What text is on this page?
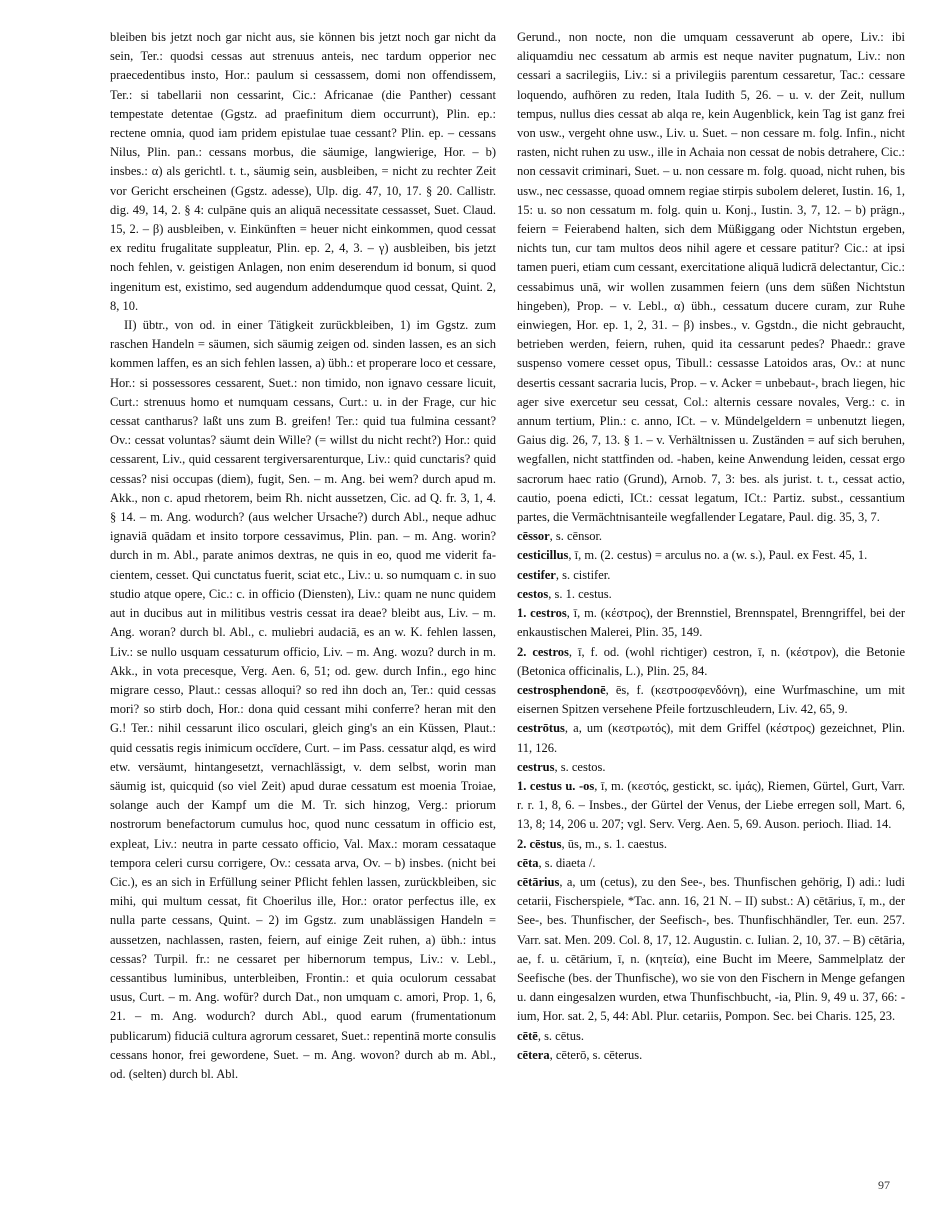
bleiben bis jetzt noch gar nicht aus, sie können bis jetzt noch gar nicht da sein, Ter.: quodsi cessas aut strenuus anteis, nec tardum opperior nec praecedentibus insto, Hor.: paulum si cessassem, domi non offendissem, Ter.: si tabellarii non cessarint, Cic.: Africanae (die Panther) cessant tempestate detentae (Ggstz. ad praefinitum diem occurrunt), Plin. ep.: rectene omnia, quod iam pridem epistulae tuae cessant? Plin. ep. – cessans Nilus, Plin. pan.: cessans morbus, die säumige, langwierige, Hor. – b) insbes.: α) als gerichtl. t. t., säumig sein, ausbleiben, = nicht zu rechter Zeit vor Gericht erscheinen (Ggstz. adesse), Ulp. dig. 47, 10, 17. § 20. Callistr. dig. 49, 14, 2. § 4: culpāne quis an aliquā necessitate cessasset, Suet. Claud. 15, 2. – β) ausbleiben, v. Einkünften = heuer nicht einkommen, quod cessat ex reditu frugalitate suppleatur, Plin. ep. 2, 4, 3. – γ) ausbleiben, bis jetzt noch fehlen, v. geistigen Anlagen, non enim deserendum id bonum, si quod ingenitum est, existimo, sed augendum addendumque quod cessat, Quint. 2, 8, 10.

II) übtr., von od. in einer Tätigkeit zurückbleiben, 1) im Ggstz. zum raschen Handeln = säumen, sich säumig zeigen od. sinden lassen, es an sich kommen laffen, es an sich fehlen lassen, a) übh.: et properare loco et cessare, Hor.: si possessores cessarent, Suet.: non timido, non ignavo cessare licuit, Curt.: strenuus homo et numquam cessans, Curt.: u. in der Frage, cur hic cessat cantharus? laßt uns zum B. greifen! Ter.: quid tua fulmina cessant? Ov.: cessat voluntas? säumt dein Wille? (= willst du nicht recht?) Hor.: quid cessarent, Liv., quid cessarent tergiversarenturque, Liv.: quid cunctaris? quid cessas? nisi occupas (diem), fugit, Sen. – m. Ang. bei wem? durch apud m. Akk., non c. apud rhetorem, beim Rh. nicht aussetzen, Cic. ad Q. fr. 3, 1, 4. § 14. – m. Ang. wodurch? (aus welcher Ursache?) durch Abl., neque adhuc ignaviā quādam et insito torpore cessavimus, Plin. pan. – m. Ang. worin? durch in m. Abl., parate animos dextras, ne quis in eo, quod me viderit facientem, cesset. Qui cunctatus fuerit, sciat etc., Liv.: u. so numquam c. in suo studio atque opere, Cic.: c. in officio (Diensten), Liv.: quam ne nunc quidem aut in ducibus aut in militibus vestris cessat ira deae? bleibt aus, Liv. – m. Ang. woran? durch bl. Abl., c. muliebri audaciā, es an w. K. fehlen lassen, Liv.: se nullo usquam cessaturum officio, Liv. – m. Ang. wozu? durch in m. Akk., in vota precesque, Verg. Aen. 6, 51; od. gew. durch Infin., ego hinc migrare cesso, Plaut.: cessas alloqui? so red ihn doch an, Ter.: quid cessas mori? so stirb doch, Hor.: dona quid cessant mihi conferre? heran mit den G.! Ter.: nihil cessarunt ilico osculari, gleich ging's an ein Küssen, Plaut.: quid cessatis regis inimicum occīdere, Curt. – im Pass. cessatur alqd, es wird etw. versäumt, hintangesetzt, vernachlässigt, v. dem selbst, worin man säumig ist, quicquid (so viel Zeit) apud durae cessatum est moenia Troiae, solange auch der Kampf um die M. Tr. sich hinzog, Verg.: priorum nostrorum benefactorum cumulus hoc, quod nunc cessatum in officio est, expleat, Liv.: neutra in parte cessato officio, Val. Max.: moram cessataque tempora celeri cursu corrigere, Ov.: cessata arva, Ov. – b) insbes. (nicht bei Cic.), es an sich in Erfüllung seiner Pflicht fehlen lassen, zurückbleiben, sic mihi, qui multum cessat, fit Choerilus ille, Hor.: orator perfectus ille, ex nulla parte cessans, Quint. – 2) im Ggstz. zum unablässigen Handeln = aussetzen, nachlassen, rasten, feiern, auf einige Zeit ruhen, a) übh.: intus cessas? Turpil. fr.: ne cessaret per hibernorum tempus, Liv.: v. Lebl., cessantibus luminibus, unterbleiben, Frontin.: et quia oculorum cessabat usus, Curt. – m. Ang. wofür? durch Dat., non umquam c. amori, Prop. 1, 6, 21. – m. Ang. wodurch? durch Abl., quod earum (frumentationum publicarum) fiduciā cultura agrorum cessaret, Suet.: repentinā morte consulis cessans honor, frei gewordene, Suet. – m. Ang. wovon? durch ab m. Abl., od. (selten) durch bl. Abl.

Gerund., non nocte, non die umquam cessaverunt ab opere, Liv.: ibi aliquamdiu nec cessatum ab armis est neque naviter pugnatum, Liv.: non cessari a sacrilegiis, Liv.: si a privilegiis parentum cessaretur, Tac.: cessare loquendo, aufhören zu reden, Itala Iudith 5, 26. – u. v. der Zeit, nullum tempus, nullus dies cessat ab alqa re, kein Augenblick, kein Tag ist ganz frei von usw., vergeht ohne usw., Liv. u. Suet. – non cessare m. folg. Infin., nicht rasten, nicht ruhen zu usw., ille in Achaia non cessat de nobis detrahere, Cic.: non cessavit criminari, Suet. – u. non cessare m. folg. quoad, nicht ruhen, bis usw., nec cessasse, quoad omnem regiae stirpis subolem deleret, Iustin. 16, 1, 15: u. so non cessatum m. folg. quin u. Konj., Iustin. 3, 7, 12. – b) prägn., feiern = Feierabend halten, sich dem Müßiggang oder Nichtstun ergeben, nichts tun, cur tam multos deos nihil agere et cessare patitur? Cic.: at ipsi tamen pueri, etiam cum cessant, exercitatione aliquā ludicrā delectantur, Cic.: cessabimus unā, wir wollen zusammen feiern (uns dem süßen Nichtstun hingeben), Prop. – v. Lebl., α) übh., cessatum ducere curam, zur Ruhe einwiegen, Hor. ep. 1, 2, 31. – β) insbes., v. Ggstdn., die nicht gebraucht, betrieben werden, feiern, ruhen, quid ita cessarunt pedes? Phaedr.: grave suspenso vomere cesset opus, Tibull.: cessasse Latoidos aras, Ov.: at nunc desertis cessant sacraria lucis, Prop. – v. Acker = unbebaut-, brach liegen, hic ager sive exercetur seu cessat, Col.: alternis cessare novales, Verg.: c. in annum tertium, Plin.: c. anno, ICt. – v. Mündelgeldern = unbenutzt liegen, Gaius dig. 26, 7, 13. § 1. – v. Verhältnissen u. Zuständen = auf sich beruhen, wegfallen, nicht stattfinden od. -haben, keine Anwendung leiden, cessat ergo sacrorum haec ratio (Grund), Arnob. 7, 3: bes. als jurist. t. t., cessat actio, cautio, poena edicti, ICt.: cessat legatum, ICt.: Partiz. subst., cessantium partes, die Vermächtnisanteile wegfallender Legatare, Paul. dig. 35, 3, 7.

cēssor, s. cēnsor.

cesticillus, ī, m. (2. cestus) = arculus no. a (w. s.), Paul. ex Fest. 45, 1.

cestifer, s. cistifer.

cestos, s. 1. cestus.

1. cestros, ī, m. (κέστρος), der Brennstiel, Brennspatel, Brenngriffel, bei der enkaustischen Malerei, Plin. 35, 149.

2. cestros, ī, f. od. (wohl richtiger) cestron, ī, n. (κέστρον), die Betonie (Betonica officinalis, L.), Plin. 25, 84.

cestrosphendonē, ēs, f. (κεστροσφενδόνη), eine Wurfmaschine, um mit eisernen Spitzen versehene Pfeile fortzuschleudern, Liv. 42, 65, 9.

cestrōtus, a, um (κεστρωτός), mit dem Griffel (κέστρος) gezeichnet, Plin. 11, 126.

cestrus, s. cestos.

1. cestus u. -os, ī, m. (κεστός, gestickt, sc. ἱμάς), Riemen, Gürtel, Gurt, Varr. r. r. 1, 8, 6. – Insbes., der Gürtel der Venus, der Liebe erregen soll, Mart. 6, 13, 8; 14, 206 u. 207; vgl. Serv. Verg. Aen. 5, 69. Auson. perioch. Iliad. 14.

2. cēstus, ūs, m., s. 1. caestus.

cēta, s. diaeta /.

cētārius, a, um (cetus), zu den See-, bes. Thunfischen gehörig, I) adi.: ludi cetarii, Fischerspiele, *Tac. ann. 16, 21 N. – II) subst.: A) cētārius, ī, m., der See-, bes. Thunfischer, der Seefisch-, bes. Thunfischhändler, Ter. eun. 257. Varr. sat. Men. 209. Col. 8, 17, 12. Augustin. c. Iulian. 2, 10, 37. – B) cētāria, ae, f. u. cētārium, ī, n. (κητεία), eine Bucht im Meere, Sammelplatz der Seefische (bes. der Thunfische), wo sie von den Fischern in Menge gefangen u. dann eingesalzen wurden, etwa Thunfischbucht, -ia, Plin. 9, 49 u. 37, 66: -ium, Hor. sat. 2, 5, 44: Abl. Plur. cetariis, Pompon. Sec. bei Charis. 125, 23.

cētē, s. cētus.

cētera, cēterō, s. cēterus.

97
